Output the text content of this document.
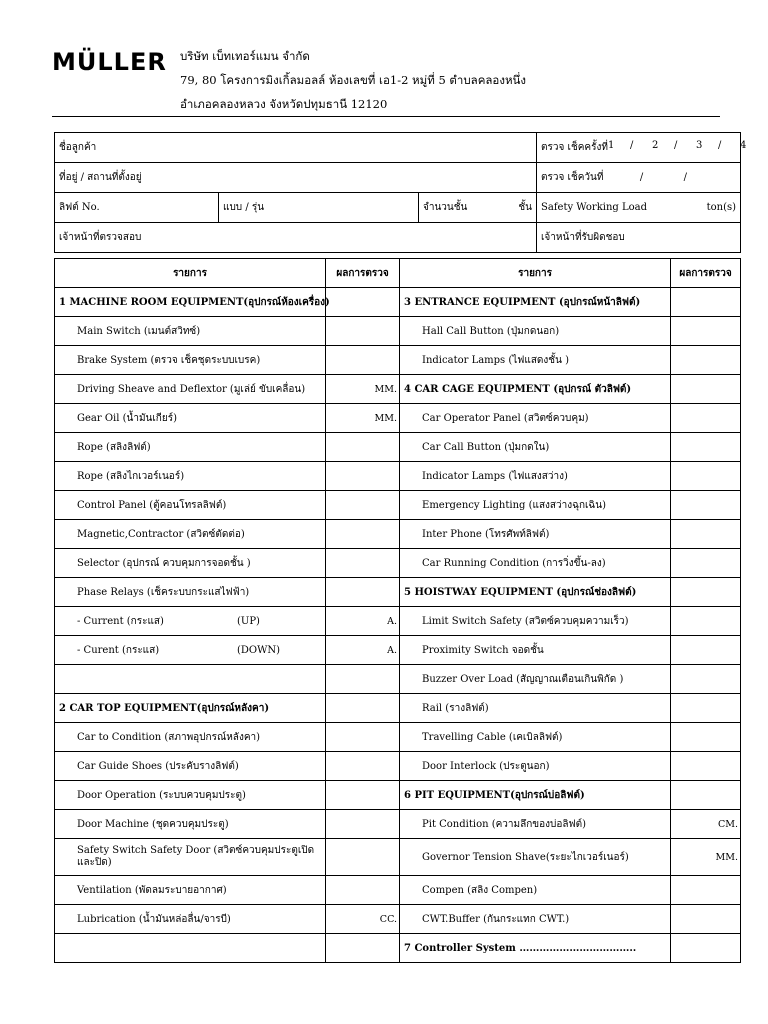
MÜLLER บริษัท เบ็ทเทอร์แมน จำกัด
79, 80 โครงการมิงเกิ้ลมอลล์ ห้องเลขที่ เอ1-2 หมู่ที่ 5 ตำบลคลองหนึ่ง
อำเภอคลองหลวง จังหวัดปทุมธานี 12120
ชื่อลูกค้า			ตรวจ เช็คครั้งที่ 1 / 2 / 3 / 4

ที่อยู่ / สถานที่ตั้งอยู่			ตรวจ เช็ควันที่ / /
ลิฟต์ No.	แบบ / รุ่น	จำนวนชั้น ชั้น	Safety Working Load ton(s)

เจ้าหน้าที่ตรวจสอบ			เจ้าหน้าที่รับผิดชอบ
รายการ	ผลการตรวจ	รายการ	ผลการตรวจ
1 MACHINE ROOM EQUIPMENT(อุปกรณ์ห้องเครื่อง)		3 ENTRANCE EQUIPMENT (อุปกรณ์หน้าลิฟต์)	
Main Switch (เมนต์สวิทซ์)		Hall Call Button (ปุ่มกดนอก)	
Brake System (ตรวจ เช็คชุดระบบเบรค)		Indicator Lamps (ไฟแสดงชั้น )	
Driving Sheave and Deflextor (มูเล่ย์ ขับเคลื่อน)	MM.	4 CAR CAGE EQUIPMENT (อุปกรณ์ ตัวลิฟต์)	
Gear Oil (น้ำมันเกียร์)	MM.	Car Operator Panel (สวิตซ์ควบคุม)	
Rope (สลิงลิฟต์)		Car Call Button (ปุ่มกดใน)	
Rope (สลิงไกเวอร์เนอร์)		Indicator Lamps (ไฟแสงสว่าง)	
Control Panel (ตู้คอนโทรลลิฟต์)		Emergency Lighting (แสงสว่างฉุกเฉิน)	
Magnetic,Contractor (สวิตซ์ตัดต่อ)		Inter Phone (โทรศัพท์ลิฟต์)	
Selector (อุปกรณ์ ควบคุมการจอดชั้น )		Car Running Condition (การวิ่งขึ้น-ลง)	
Phase Relays (เช็คระบบกระแสไฟฟ้า)		5 HOISTWAY EQUIPMENT (อุปกรณ์ช่องลิฟต์)	
- Current (กระแส) (UP)	A.	Limit Switch Safety (สวิตซ์ควบคุมความเร็ว)	
- Curent (กระแส) (DOWN)	A.	Proximity Switch จอดชั้น	
		Buzzer Over Load (สัญญาณเตือนเกินพิกัด )	
2 CAR TOP EQUIPMENT(อุปกรณ์หลังคา)		Rail (รางลิฟต์)	
Car to Condition (สภาพอุปกรณ์หลังคา)		Travelling Cable (เคเบิลลิฟต์)	
Car Guide Shoes (ประคับรางลิฟต์)		Door Interlock (ประตูนอก)	
Door Operation (ระบบควบคุมประตู)		6 PIT EQUIPMENT(อุปกรณ์บ่อลิฟต์)	
Door Machine (ชุดควบคุมประตู)		Pit Condition (ความลึกของบ่อลิฟต์)	CM.
Safety Switch Safety Door (สวิตซ์ควบคุมประตูเปิดและปิด)		Governor Tension Shave(ระยะไกเวอร์เนอร์)	MM.
Ventilation (พัดลมระบายอากาศ)		Compen (สลิง Compen)	
Lubrication (น้ำมันหล่อลื่น/จารบี)	CC.	CWT.Buffer (กันกระแทก CWT.)	
		7 Controller System ……………………………..	
